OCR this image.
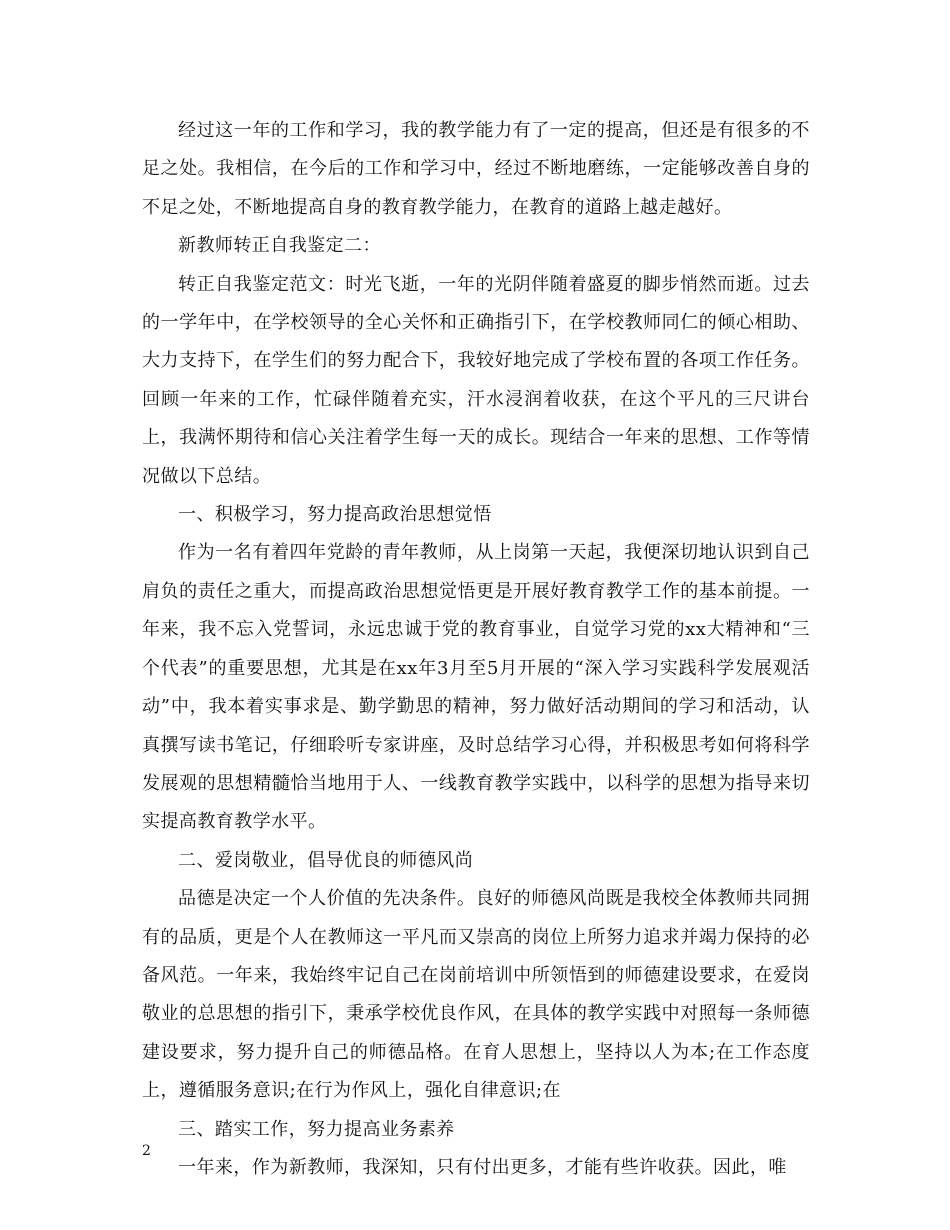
经过这一年的工作和学习，我的教学能力有了一定的提高，但还是有很多的不足之处。我相信，在今后的工作和学习中，经过不断地磨练，一定能够改善自身的不足之处，不断地提高自身的教育教学能力，在教育的道路上越走越好。

新教师转正自我鉴定二：

转正自我鉴定范文：时光飞逝，一年的光阴伴随着盛夏的脚步悄然而逝。过去的一学年中，在学校领导的全心关怀和正确指引下，在学校教师同仁的倾心相助、大力支持下，在学生们的努力配合下，我较好地完成了学校布置的各项工作任务。回顾一年来的工作，忙碌伴随着充实，汗水浸润着收获，在这个平凡的三尺讲台上，我满怀期待和信心关注着学生每一天的成长。现结合一年来的思想、工作等情况做以下总结。

一、积极学习，努力提高政治思想觉悟

作为一名有着四年党龄的青年教师，从上岗第一天起，我便深切地认识到自己肩负的责任之重大，而提高政治思想觉悟更是开展好教育教学工作的基本前提。一年来，我不忘入党誓词，永远忠诚于党的教育事业，自觉学习党的xx大精神和“三个代表”的重要思想，尤其是在xx年3月至5月开展的“深入学习实践科学发展观活动”中，我本着实事求是、勤学勤思的精神，努力做好活动期间的学习和活动，认真撰写读书笔记，仔细聆听专家讲座，及时总结学习心得，并积极思考如何将科学发展观的思想精髓恰当地用于人、一线教育教学实践中，以科学的思想为指导来切实提高教育教学水平。

二、爱岗敬业，倡导优良的师德风尚

品德是决定一个人价值的先决条件。良好的师德风尚既是我校全体教师共同拥有的品质，更是个人在教师这一平凡而又崇高的岗位上所努力追求并竭力保持的必备风范。一年来，我始终牢记自己在岗前培训中所领悟到的师德建设要求，在爱岗敬业的总思想的指引下，秉承学校优良作风，在具体的教学实践中对照每一条师德建设要求，努力提升自己的师德品格。在育人思想上，坚持以人为本;在工作态度上，遵循服务意识;在行为作风上，强化自律意识;在

三、踏实工作，努力提高业务素养

一年来，作为新教师，我深知，只有付出更多，才能有些许收获。因此，唯

2
